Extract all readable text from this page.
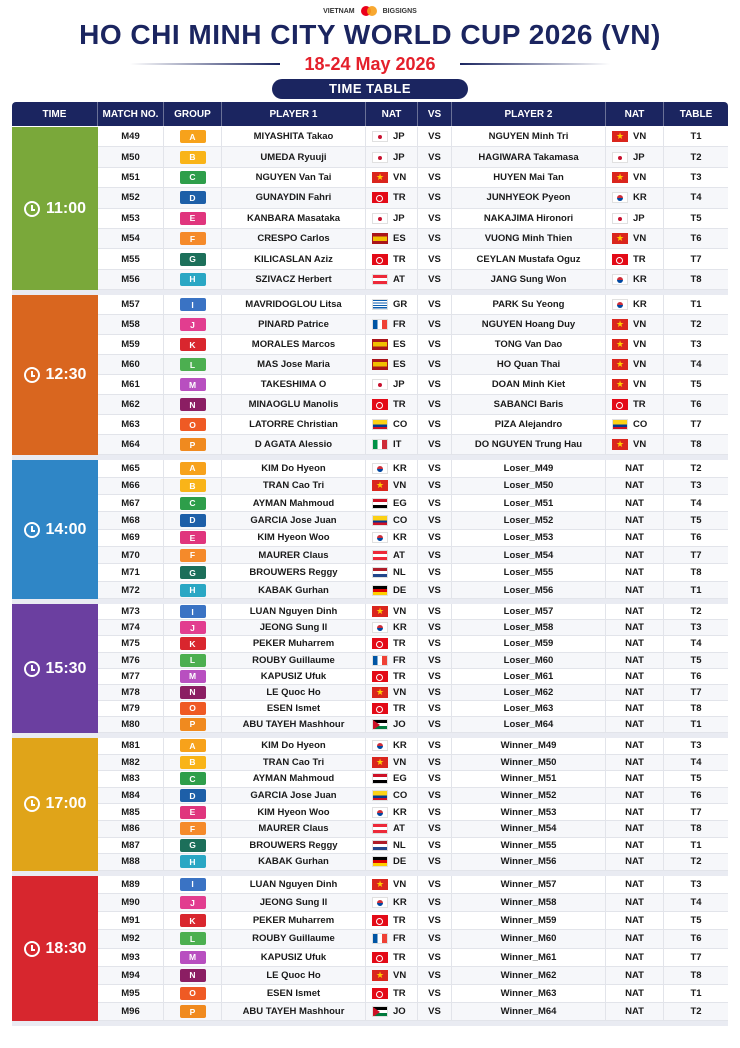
VIETNAM	BIGSIGNS
HO CHI MINH CITY WORLD CUP 2026 (VN)
18-24 May 2026
TIME TABLE
TIME	MATCH NO.	GROUP	PLAYER 1	NAT	VS	PLAYER 2	NAT	TABLE
11:00
M49	A	MIYASHITA Takao	JP	VS	NGUYEN Minh Tri ★	VN	T1
M50	B	UMEDA Ryuuji	JP	VS	HAGIWARA Takamasa	JP	T2
M51	C	NGUYEN Van Tai ★	VN	VS	HUYEN Mai Tan ★	VN	T3
M52	D	GUNAYDIN Fahri	TR	VS	JUNHYEOK Pyeon	KR	T4
M53	E	KANBARA Masataka	JP	VS	NAKAJIMA Hironori	JP	T5
M54	F	CRESPO Carlos	ES	VS	VUONG Minh Thien ★	VN	T6
M55	G	KILICASLAN Aziz	TR	VS	CEYLAN Mustafa Oguz	TR	T7
M56	H	SZIVACZ Herbert	AT	VS	JANG Sung Won	KR	T8
12:30
M57	I	MAVRIDOGLOU Litsa	GR	VS	PARK Su Yeong	KR	T1
M58	J	PINARD Patrice	FR	VS	NGUYEN Hoang Duy ★	VN	T2
M59	K	MORALES Marcos	ES	VS	TONG Van Dao ★	VN	T3
M60	L	MAS Jose Maria	ES	VS	HO Quan Thai ★	VN	T4
M61	M	TAKESHIMA O	JP	VS	DOAN Minh Kiet ★	VN	T5
M62	N	MINAOGLU Manolis	TR	VS	SABANCI Baris	TR	T6
M63	O	LATORRE Christian	CO	VS	PIZA Alejandro	CO	T7
M64	P	D AGATA Alessio	IT	VS	DO NGUYEN Trung Hau ★	VN	T8
14:00
M65	A	KIM Do Hyeon	KR	VS	Loser_M49	NAT	T2
M66	B	TRAN Cao Tri ★	VN	VS	Loser_M50	NAT	T3
M67	C	AYMAN Mahmoud	EG	VS	Loser_M51	NAT	T4
M68	D	GARCIA Jose Juan	CO	VS	Loser_M52	NAT	T5
M69	E	KIM Hyeon Woo	KR	VS	Loser_M53	NAT	T6
M70	F	MAURER Claus	AT	VS	Loser_M54	NAT	T7
M71	G	BROUWERS Reggy	NL	VS	Loser_M55	NAT	T8
M72	H	KABAK Gurhan	DE	VS	Loser_M56	NAT	T1
15:30
M73	I	LUAN Nguyen Dinh ★	VN	VS	Loser_M57	NAT	T2
M74	J	JEONG Sung Il	KR	VS	Loser_M58	NAT	T3
M75	K	PEKER Muharrem	TR	VS	Loser_M59	NAT	T4
M76	L	ROUBY Guillaume	FR	VS	Loser_M60	NAT	T5
M77	M	KAPUSIZ Ufuk	TR	VS	Loser_M61	NAT	T6
M78	N	LE Quoc Ho ★	VN	VS	Loser_M62	NAT	T7
M79	O	ESEN Ismet	TR	VS	Loser_M63	NAT	T8
M80	P	ABU TAYEH Mashhour	JO	VS	Loser_M64	NAT	T1
17:00
M81	A	KIM Do Hyeon	KR	VS	Winner_M49	NAT	T3
M82	B	TRAN Cao Tri ★	VN	VS	Winner_M50	NAT	T4
M83	C	AYMAN Mahmoud	EG	VS	Winner_M51	NAT	T5
M84	D	GARCIA Jose Juan	CO	VS	Winner_M52	NAT	T6
M85	E	KIM Hyeon Woo	KR	VS	Winner_M53	NAT	T7
M86	F	MAURER Claus	AT	VS	Winner_M54	NAT	T8
M87	G	BROUWERS Reggy	NL	VS	Winner_M55	NAT	T1
M88	H	KABAK Gurhan	DE	VS	Winner_M56	NAT	T2
18:30
M89	I	LUAN Nguyen Dinh ★	VN	VS	Winner_M57	NAT	T3
M90	J	JEONG Sung Il	KR	VS	Winner_M58	NAT	T4
M91	K	PEKER Muharrem	TR	VS	Winner_M59	NAT	T5
M92	L	ROUBY Guillaume	FR	VS	Winner_M60	NAT	T6
M93	M	KAPUSIZ Ufuk	TR	VS	Winner_M61	NAT	T7
M94	N	LE Quoc Ho ★	VN	VS	Winner_M62	NAT	T8
M95	O	ESEN Ismet	TR	VS	Winner_M63	NAT	T1
M96	P	ABU TAYEH Mashhour	JO	VS	Winner_M64	NAT	T2
